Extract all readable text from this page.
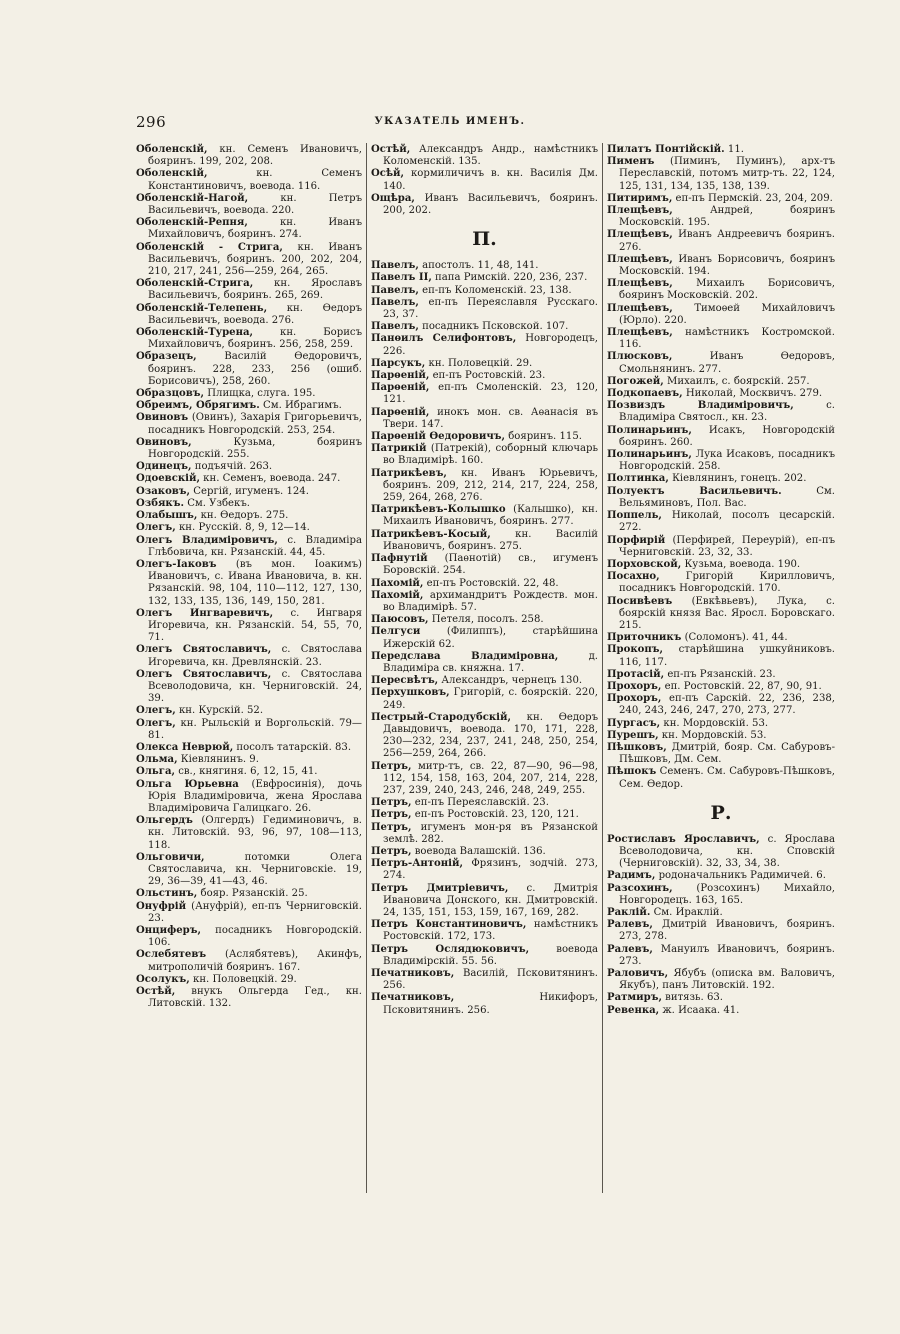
296	УКАЗАТЕЛЬ ИМЕНЪ.

Оболенскій, кн. Семенъ Ивановичъ, бояринъ. 199, 202, 208.

Оболенскій, кн. Семенъ Константиновичъ, воевода. 116.

Оболенскій-Нагой, кн. Петръ Васильевичъ, воевода. 220.

Оболенскій-Репня, кн. Иванъ Михайловичъ, бояринъ. 274.

Оболенскій - Стрига, кн. Иванъ Васильевичъ, бояринъ. 200, 202, 204, 210, 217, 241, 256—259, 264, 265.

Оболенскій-Стрига, кн. Ярославъ Васильевичъ, бояринъ. 265, 269.

Оболенскій-Телепень, кн. Ѳедоръ Васильевичъ, воевода. 276.

Оболенскій-Турена, кн. Борисъ Михайловичъ, бояринъ. 256, 258, 259.

Образецъ, Василій Ѳедоровичъ, бояринъ. 228, 233, 256 (ошиб. Борисовичъ), 258, 260.

Образцовъ, Плищка, слуга. 195.

Обреимъ, Обрягимъ. См. Ибрагимъ.

Овиновъ (Овинъ), Захарія Григорьевичъ, посадникъ Новгородскій. 253, 254.

Овиновъ, Кузьма, бояринъ Новгородскій. 255.

Одинецъ, подъячій. 263.

Одоевскій, кн. Семенъ, воевода. 247.

Озаковъ, Сергій, игуменъ. 124.

Озбякъ. См. Узбекъ.

Олабышъ, кн. Ѳедоръ. 275.

Олегъ, кн. Русскій. 8, 9, 12—14.

Олегъ Владиміровичъ, с. Владиміра Глѣбовича, кн. Рязанскій. 44, 45.

Олегъ-Іаковъ (въ мон. Іоакимъ) Ивановичъ, с. Ивана Ивановича, в. кн. Рязанскій. 98, 104, 110—112, 127, 130, 132, 133, 135, 136, 149, 150, 281.

Олегъ Ингваревичъ, с. Ингваря Игоревича, кн. Рязанскій. 54, 55, 70, 71.

Олегъ Святославичъ, с. Святослава Игоревича, кн. Древлянскій. 23.

Олегъ Святославичъ, с. Святослава Всеволодовича, кн. Черниговскій. 24, 39.

Олегъ, кн. Курскій. 52.

Олегъ, кн. Рыльскій и Воргольскій. 79—81.

Олекса Неврюй, посолъ татарскій. 83.

Ольма, Кіевлянинъ. 9.

Ольга, св., княгиня. 6, 12, 15, 41.

Ольга Юрьевна (Евфросинія), дочь Юрія Владиміровича, жена Ярослава Владиміровича Галицкаго. 26.

Ольгердъ (Олгердъ) Гедиминовичъ, в. кн. Литовскій. 93, 96, 97, 108—113, 118.

Ольговичи, потомки Олега Святославича, кн. Черниговскіе. 19, 29, 36—39, 41—43, 46.

Ольстинъ, бояр. Рязанскій. 25.

Онуфрій (Ануфрій), еп-пъ Черниговскій. 23.

Онциферъ, посадникъ Новгородскій. 106.

Ослебятевъ (Аслябятевъ), Акинфъ, митрополичій бояринъ. 167.

Осолукъ, кн. Половецкій. 29.

Остѣй, внукъ Ольгерда Гед., кн. Литовскій. 132.

Остѣй, Александръ Андр., намѣстникъ Коломенскій. 135.

Осѣй, кормиличичъ в. кн. Василія Дм. 140.

Ощѣра, Иванъ Васильевичъ, бояринъ. 200, 202.

П.

Павелъ, апостолъ. 11, 48, 141.

Павелъ II, папа Римскій. 220, 236, 237.

Павелъ, еп-пъ Коломенскій. 23, 138.

Павелъ, еп-пъ Переяславля Русскаго. 23, 37.

Павелъ, посадникъ Псковской. 107.

Панѳилъ Селифонтовъ, Новгородецъ, 226.

Парсукъ, кн. Половецкій. 29.

Парѳеній, еп-пъ Ростовскій. 23.

Парѳеній, еп-пъ Смоленскій. 23, 120, 121.

Парѳеній, инокъ мон. св. Аѳанасія въ Твери. 147.

Парѳеній Ѳедоровичъ, бояринъ. 115.

Патрикій (Патрекій), соборный ключарь во Владимірѣ. 160.

Патрикѣевъ, кн. Иванъ Юрьевичъ, бояринъ. 209, 212, 214, 217, 224, 258, 259, 264, 268, 276.

Патрикѣевъ-Колышко (Калышко), кн. Михаилъ Ивановичъ, бояринъ. 277.

Патрикѣевъ-Косый, кн. Василій Ивановичъ, бояринъ. 275.

Пафнутій (Паѳнотій) св., игуменъ Боровскій. 254.

Пахомій, еп-пъ Ростовскій. 22, 48.

Пахомій, архимандритъ Рождеств. мон. во Владимірѣ. 57.

Паюсовъ, Петеля, посолъ. 258.

Пелгуси (Филиппъ), старѣйшина Ижерскій 62.

Передслава Владиміровна, д. Владиміра св. княжна. 17.

Пересвѣтъ, Александръ, чернецъ 130.

Перхушковъ, Григорій, с. боярскій. 220, 249.

Пестрый-Стародубскій, кн. Ѳедоръ Давыдовичъ, воевода. 170, 171, 228, 230—232, 234, 237, 241, 248, 250, 254, 256—259, 264, 266.

Петръ, митр-тъ, св. 22, 87—90, 96—98, 112, 154, 158, 163, 204, 207, 214, 228, 237, 239, 240, 243, 246, 248, 249, 255.

Петръ, еп-пъ Переяславскій. 23.

Петръ, еп-пъ Ростовскій. 23, 120, 121.

Петръ, игуменъ мон-ря въ Рязанской землѣ. 282.

Петръ, воевода Валашскій. 136.

Петръ-Антоній, Фрязинъ, зодчій. 273, 274.

Петръ Дмитріевичъ, с. Дмитрія Ивановича Донского, кн. Дмитровскій. 24, 135, 151, 153, 159, 167, 169, 282.

Петръ Константиновичъ, намѣстникъ Ростовскій. 172, 173.

Петръ Ослядюковичъ, воевода Владимірскій. 55. 56.

Печатниковъ, Василій, Псковитянинъ. 256.

Печатниковъ, Никифоръ, Псковитянинъ. 256.

Пилатъ Понтійскій. 11.

Пименъ (Пиминъ, Пуминъ), арх-тъ Переславскій, потомъ митр-тъ. 22, 124, 125, 131, 134, 135, 138, 139.

Питиримъ, еп-пъ Пермскій. 23, 204, 209.

Плещѣевъ, Андрей, бояринъ Московскій. 195.

Плещѣевъ, Иванъ Андреевичъ бояринъ. 276.

Плещѣевъ, Иванъ Борисовичъ, бояринъ Московскій. 194.

Плещѣевъ, Михаилъ Борисовичъ, бояринъ Московскій. 202.

Плещѣевъ, Тимоѳей Михайловичъ (Юрло). 220.

Плещѣевъ, намѣстникъ Костромской. 116.

Плюсковъ, Иванъ Ѳедоровъ, Смольнянинъ. 277.

Погожей, Михаилъ, с. боярскій. 257.

Подкопаевъ, Николай, Москвичъ. 279.

Позвиздъ Владиміровичъ, с. Владиміра Святосл., кн. 23.

Полинарьинъ, Исакъ, Новгородскій бояринъ. 260.

Полинарьинъ, Лука Исаковъ, посадникъ Новгородскій. 258.

Полтинка, Кіевлянинъ, гонецъ. 202.

Полуектъ Васильевичъ. См. Вельяминовъ, Пол. Вас.

Поппель, Николай, посолъ цесарскій. 272.

Порфирій (Перфирей, Переурій), еп-пъ Черниговскій. 23, 32, 33.

Порховской, Кузьма, воевода. 190.

Посахно, Григорій Кирилловичъ, посадникъ Новгородскій. 170.

Посивѣевъ (Евкѣвьевъ), Лука, с. боярскій князя Вас. Яросл. Боровскаго. 215.

Приточникъ (Соломонъ). 41, 44.

Прокопъ, старѣйшина ушкуйниковъ. 116, 117.

Протасій, еп-пъ Рязанскій. 23.

Прохоръ, еп. Ростовскій. 22, 87, 90, 91.

Прохоръ, еп-пъ Сарскій. 22, 236, 238, 240, 243, 246, 247, 270, 273, 277.

Пургасъ, кн. Мордовскій. 53.

Пурешъ, кн. Мордовскій. 53.

Пѣшковъ, Дмитрій, бояр. См. Сабуровъ-Пѣшковъ, Дм. Сем.

Пѣшокъ Семенъ. См. Сабуровъ-Пѣшковъ, Сем. Ѳедор.

Р.

Ростиславъ Ярославичъ, с. Ярослава Всеволодовича, кн. Сповскій (Черниговскій). 32, 33, 34, 38.

Радимъ, родоначальникъ Радимичей. 6.

Разсохинъ, (Розсохинъ) Михайло, Новгородецъ. 163, 165.

Раклій. См. Ираклій.

Ралевъ, Дмитрій Ивановичъ, бояринъ. 273, 278.

Ралевъ, Мануилъ Ивановичъ, бояринъ. 273.

Раловичъ, Ябубъ (описка вм. Валовичъ, Якубъ), панъ Литовскій. 192.

Ратмиръ, витязь. 63.

Ревенка, ж. Исаака. 41.
